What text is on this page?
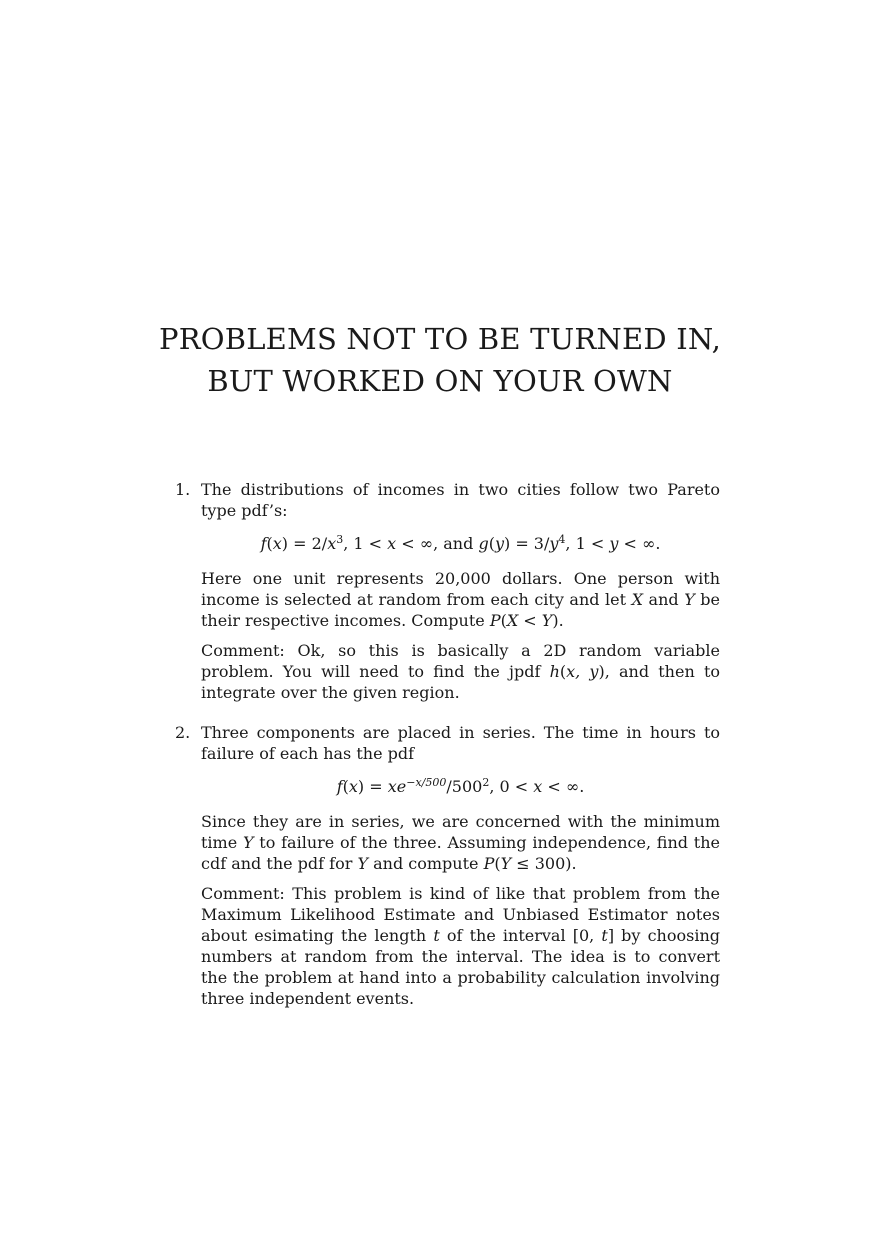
PROBLEMS NOT TO BE TURNED IN,
BUT WORKED ON YOUR OWN
1. The distributions of incomes in two cities follow two Pareto type pdf’s:

$f(x) = 2/x^3$, 1 < x < ∞, and $g(y) = 3/y^4$, 1 < y < ∞.

Here one unit represents 20,000 dollars. One person with income is selected at random from each city and let X and Y be their respective incomes. Compute P(X < Y).

Comment: Ok, so this is basically a 2D random variable problem. You will need to find the jpdf h(x, y), and then to integrate over the given region.

2. Three components are placed in series. The time in hours to failure of each has the pdf

$f(x) = xe^{-x/500}/500^2$, 0 < x < ∞.

Since they are in series, we are concerned with the minimum time Y to failure of the three. Assuming independence, find the cdf and the pdf for Y and compute P(Y ≤ 300).

Comment: This problem is kind of like that problem from the Maximum Likelihood Estimate and Unbiased Estimator notes about esimating the length t of the interval [0, t] by choosing numbers at random from the interval. The idea is to convert the the problem at hand into a probability calculation involving three independent events.
